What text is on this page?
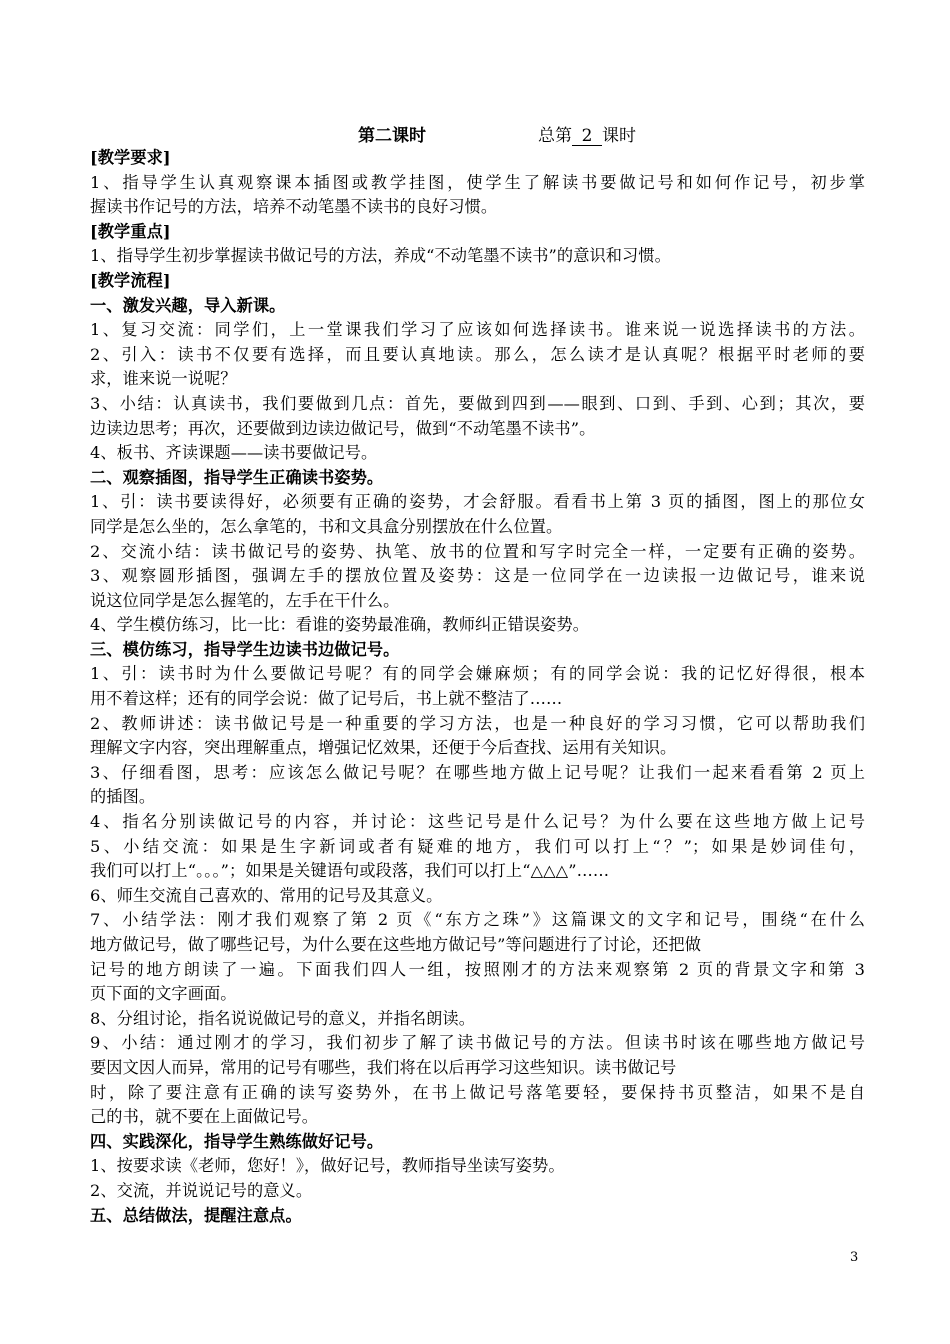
第二课时	总第 2 课时
[教学要求]
1、指导学生认真观察课本插图或教学挂图，使学生了解读书要做记号和如何作记号，初步掌
握读书作记号的方法，培养不动笔墨不读书的良好习惯。
[教学重点]
1、指导学生初步掌握读书做记号的方法，养成“不动笔墨不读书”的意识和习惯。
[教学流程]
一、激发兴趣，导入新课。
1、复习交流：同学们，上一堂课我们学习了应该如何选择读书。谁来说一说选择读书的方法。
2、引入：读书不仅要有选择，而且要认真地读。那么，怎么读才是认真呢？根据平时老师的要
求，谁来说一说呢？
3、小结：认真读书，我们要做到几点：首先，要做到四到——眼到、口到、手到、心到；其次，要
边读边思考；再次，还要做到边读边做记号，做到“不动笔墨不读书”。
4、板书、齐读课题——读书要做记号。
二、观察插图，指导学生正确读书姿势。
1、引：读书要读得好，必须要有正确的姿势，才会舒服。看看书上第 3 页的插图，图上的那位女
同学是怎么坐的，怎么拿笔的，书和文具盒分别摆放在什么位置。
2、交流小结：读书做记号的姿势、执笔、放书的位置和写字时完全一样，一定要有正确的姿势。
3、观察圆形插图，强调左手的摆放位置及姿势：这是一位同学在一边读报一边做记号，谁来说
说这位同学是怎么握笔的，左手在干什么。
4、学生模仿练习，比一比：看谁的姿势最准确，教师纠正错误姿势。
三、模仿练习，指导学生边读书边做记号。
1、引：读书时为什么要做记号呢？有的同学会嫌麻烦；有的同学会说：我的记忆好得很，根本
用不着这样；还有的同学会说：做了记号后，书上就不整洁了……
2、教师讲述：读书做记号是一种重要的学习方法，也是一种良好的学习习惯，它可以帮助我们
理解文字内容，突出理解重点，增强记忆效果，还便于今后查找、运用有关知识。
3、仔细看图，思考：应该怎么做记号呢？在哪些地方做上记号呢？让我们一起来看看第 2 页上
的插图。
4、指名分别读做记号的内容，并讨论：这些记号是什么记号？为什么要在这些地方做上记号
5、小结交流：如果是生字新词或者有疑难的地方，我们可以打上“？”；如果是妙词佳句，
我们可以打上“。。。”；如果是关键语句或段落，我们可以打上“△△△”……
6、师生交流自己喜欢的、常用的记号及其意义。
7、小结学法：刚才我们观察了第 2 页《“东方之珠”》这篇课文的文字和记号，围绕“在什么
地方做记号，做了哪些记号，为什么要在这些地方做记号”等问题进行了讨论，还把做
记号的地方朗读了一遍。下面我们四人一组，按照刚才的方法来观察第 2 页的背景文字和第 3
页下面的文字画面。
8、分组讨论，指名说说做记号的意义，并指名朗读。
9、小结：通过刚才的学习，我们初步了解了读书做记号的方法。但读书时该在哪些地方做记号
要因文因人而异，常用的记号有哪些，我们将在以后再学习这些知识。读书做记号
时，除了要注意有正确的读写姿势外，在书上做记号落笔要轻，要保持书页整洁，如果不是自
己的书，就不要在上面做记号。
四、实践深化，指导学生熟练做好记号。
1、按要求读《老师，您好！》，做好记号，教师指导坐读写姿势。
2、交流，并说说记号的意义。
五、总结做法，提醒注意点。
3
